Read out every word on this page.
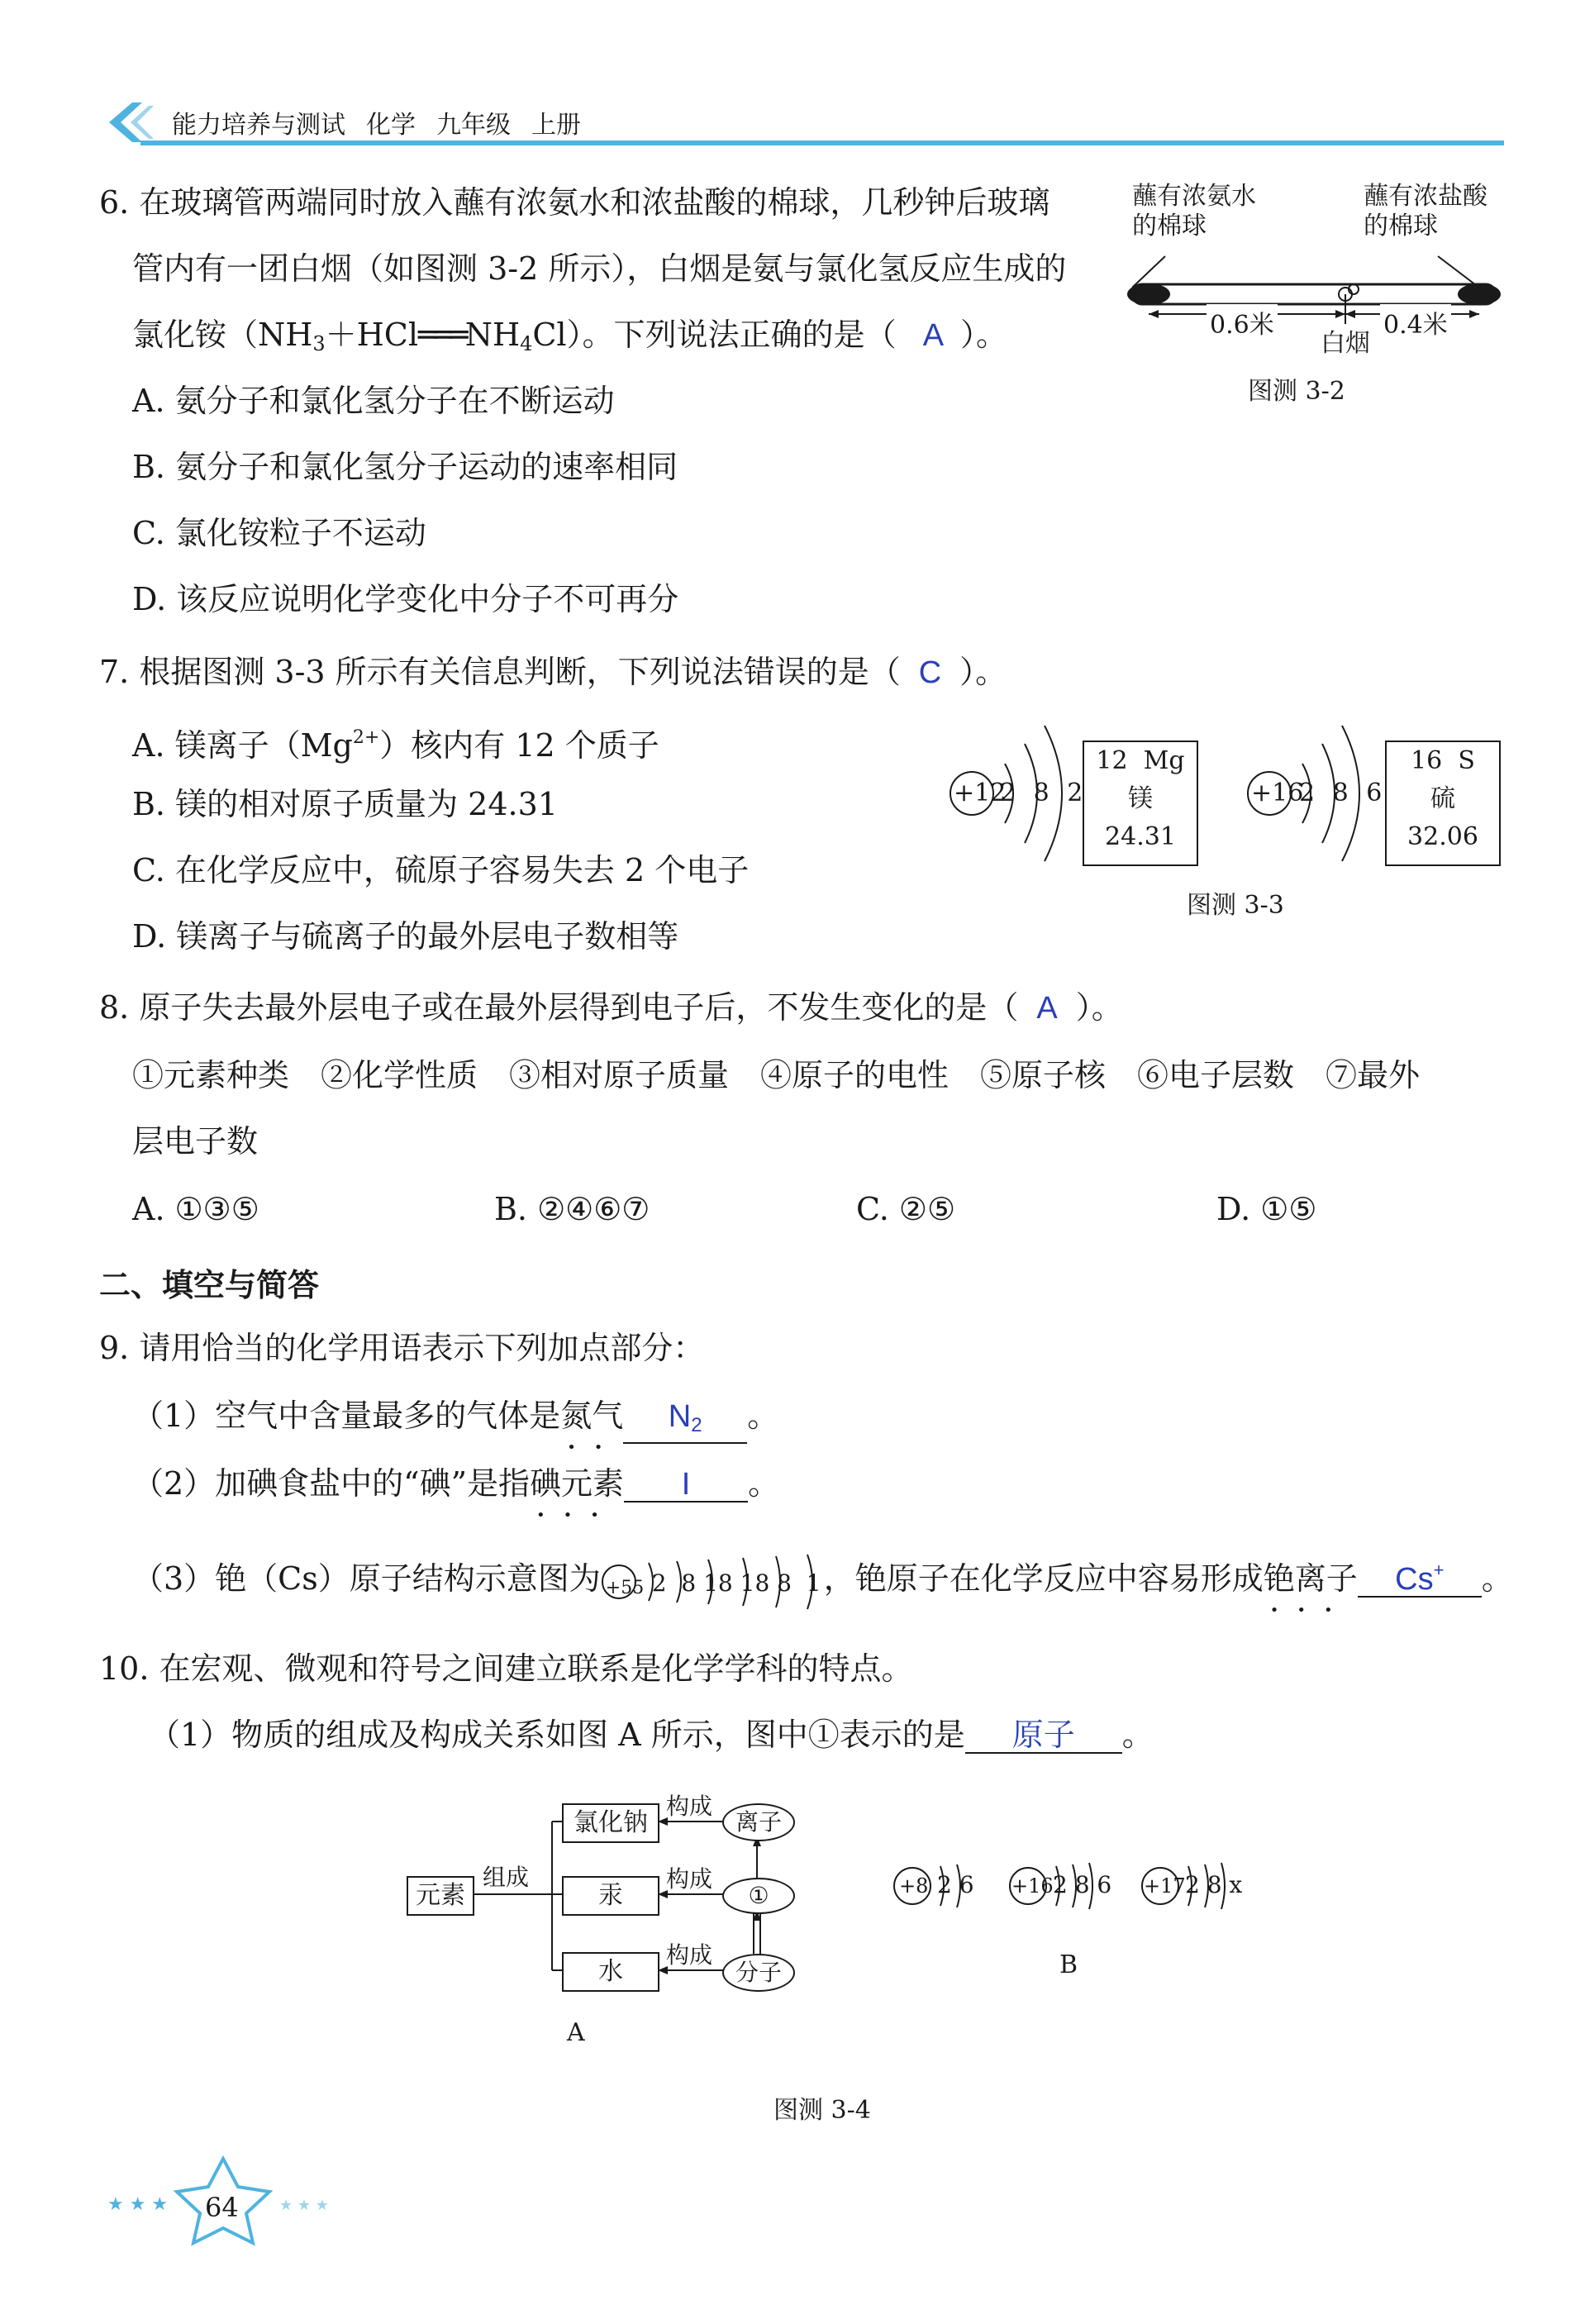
能力培养与测试 化学 九年级 上册
6. 在玻璃管两端同时放入蘸有浓氨水和浓盐酸的棉球，几秒钟后玻璃
管内有一团白烟（如图测 3-2 所示），白烟是氨与氯化氢反应生成的
氯化铵$(NH_3+HCl═══NH_4Cl)$。下列说法正确的是（ A ）。
A. 氨分子和氯化氢分子在不断运动
B. 氨分子和氯化氢分子运动的速率相同
C. 氯化铵粒子不运动
D. 该反应说明化学变化中分子不可再分
蘸有浓氨水
的棉球
蘸有浓盐酸
的棉球
0.6米	0.4米
白烟
图测 3-2
7. 根据图测 3-3 所示有关信息判断，下列说法错误的是（ C ）。
A. 镁离子$(Mg^{2+})$核内有 12 个质子
B. 镁的相对原子质量为 24.31
C. 在化学反应中，硫原子容易失去 2 个电子
D. 镁离子与硫离子的最外层电子数相等
+12
2 8 2
12 Mg
镁
24.31
+16
2 8 6
16 S
硫
32.06
图测 3-3
8. 原子失去最外层电子或在最外层得到电子后，不发生变化的是（ A ）。
①元素种类　②化学性质　③相对原子质量　④原子的电性　⑤原子核　⑥电子层数　⑦最外
层电子数
A. ①③⑤	B. ②④⑥⑦	C. ②⑤	D. ①⑤
二、填空与简答
9. 请用恰当的化学用语表示下列加点部分：
（1）空气中含量最多的气体是氮气
••
$N_2$ 。
（2）加碘食盐中的“碘”是指碘元素
•••
I 。
（3）铯（Cs）原子结构示意图为 +55 2  8 18 18 8  1 ，铯原子在化学反应中容易形成铯离子
•••
Cs+ 。
10. 在宏观、微观和符号之间建立联系是化学学科的特点。
（1）物质的组成及构成关系如图 A 所示，图中①表示的是 原子 。
元素
组成
氯化钠
汞
水
构成
构成
构成
离子
①
分子
A
+8 2 6 +16 2 8 6 +17 2 8 x
B
图测 3-4
★ ★ ★	★ ★ ★
64
